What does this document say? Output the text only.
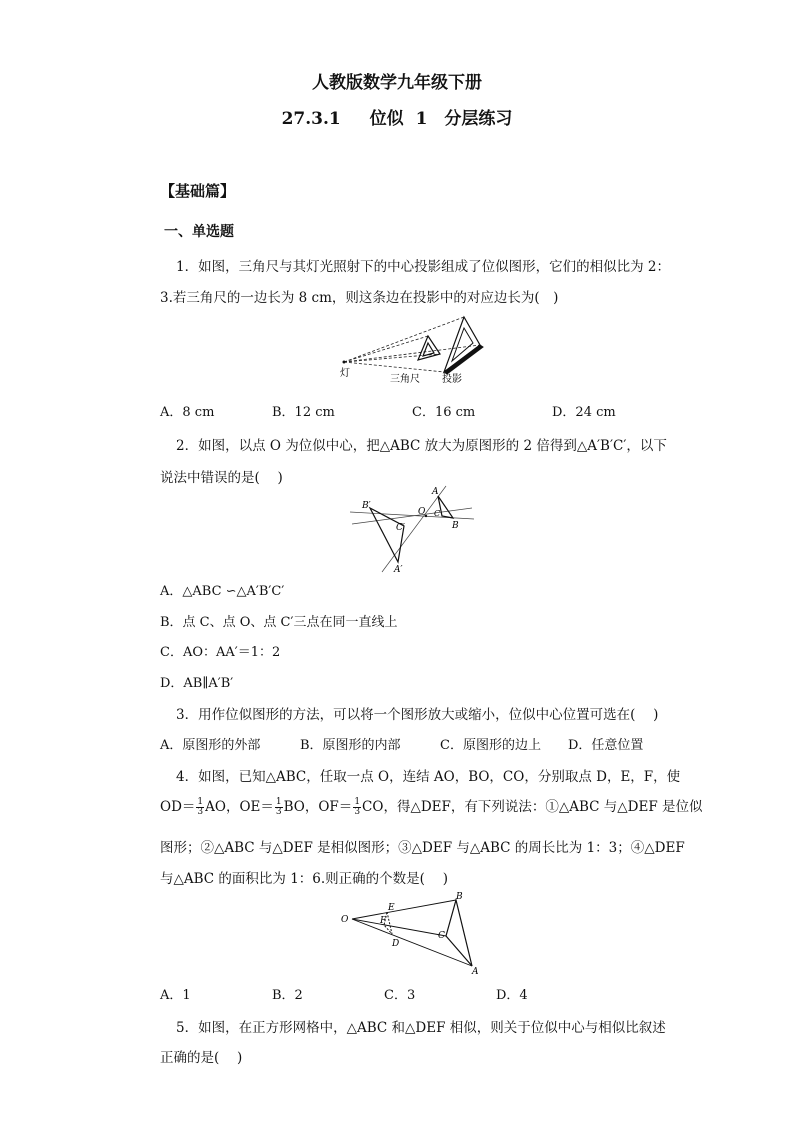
人教版数学九年级下册
27.3.1　 位似 1　分层练习
【基础篇】
一、单选题
1．如图，三角尺与其灯光照射下的中心投影组成了位似图形，它们的相似比为 2：
3.若三角尺的一边长为 8 cm，则这条边在投影中的对应边长为(　)
灯
三角尺 投影
A．8 cm	B．12 cm	C．16 cm	D．24 cm
2．如图，以点 O 为位似中心，把△ABC 放大为原图形的 2 倍得到△A′B′C′，以下
说法中错误的是(　 )
A
B
C
O
A′
B′
C′
A．△ABC ∽△A′B′C′
B．点 C、点 O、点 C′三点在同一直线上
C．AO：AA′＝1：2
D．AB∥A′B′
3．用作位似图形的方法，可以将一个图形放大或缩小，位似中心位置可选在(　 )
A．原图形的外部	B．原图形的内部	C．原图形的边上 D．任意位置
4．如图，已知△ABC，任取一点 O，连结 AO，BO，CO，分别取点 D，E，F，使
$OD= \frac{1}{3}$ AO，$OE= \frac{1}{3}$ BO，$OF= \frac{1}{3}$ CO，得△DEF，有下列说法：①△ABC 与△DEF 是位似
图形；②△ABC 与△DEF 是相似图形；③△DEF 与△ABC 的周长比为 1：3；④△DEF
与△ABC 的面积比为 1：6.则正确的个数是(　 )
O
E
F
D
C
B
A
A．1	B．2	C．3	D．4
5．如图，在正方形网格中，△ABC 和△DEF 相似，则关于位似中心与相似比叙述
正确的是(　 )
